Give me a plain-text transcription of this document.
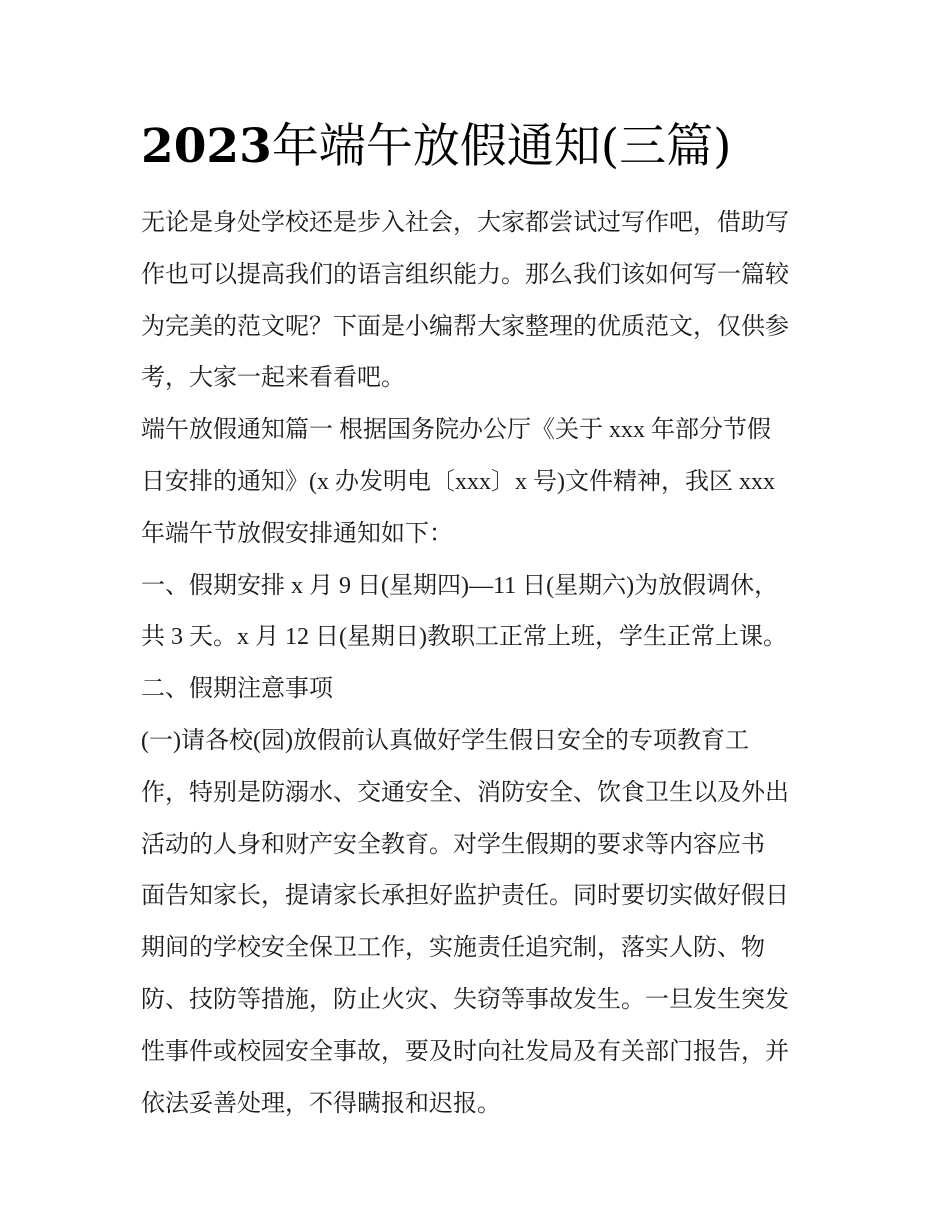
2023年端午放假通知(三篇)
无论是身处学校还是步入社会，大家都尝试过写作吧，借助写
作也可以提高我们的语言组织能力。那么我们该如何写一篇较
为完美的范文呢？下面是小编帮大家整理的优质范文，仅供参
考，大家一起来看看吧。
端午放假通知篇一 根据国务院办公厅《关于 xxx 年部分节假
日安排的通知》(x 办发明电〔xxx〕x 号)文件精神，我区 xxx
年端午节放假安排通知如下：
一、假期安排 x 月 9 日(星期四)—11 日(星期六)为放假调休，
共 3 天。x 月 12 日(星期日)教职工正常上班，学生正常上课。
二、假期注意事项
(一)请各校(园)放假前认真做好学生假日安全的专项教育工
作，特别是防溺水、交通安全、消防安全、饮食卫生以及外出
活动的人身和财产安全教育。对学生假期的要求等内容应书
面告知家长，提请家长承担好监护责任。同时要切实做好假日
期间的学校安全保卫工作，实施责任追究制，落实人防、物
防、技防等措施，防止火灾、失窃等事故发生。一旦发生突发
性事件或校园安全事故，要及时向社发局及有关部门报告，并
依法妥善处理，不得瞒报和迟报。
